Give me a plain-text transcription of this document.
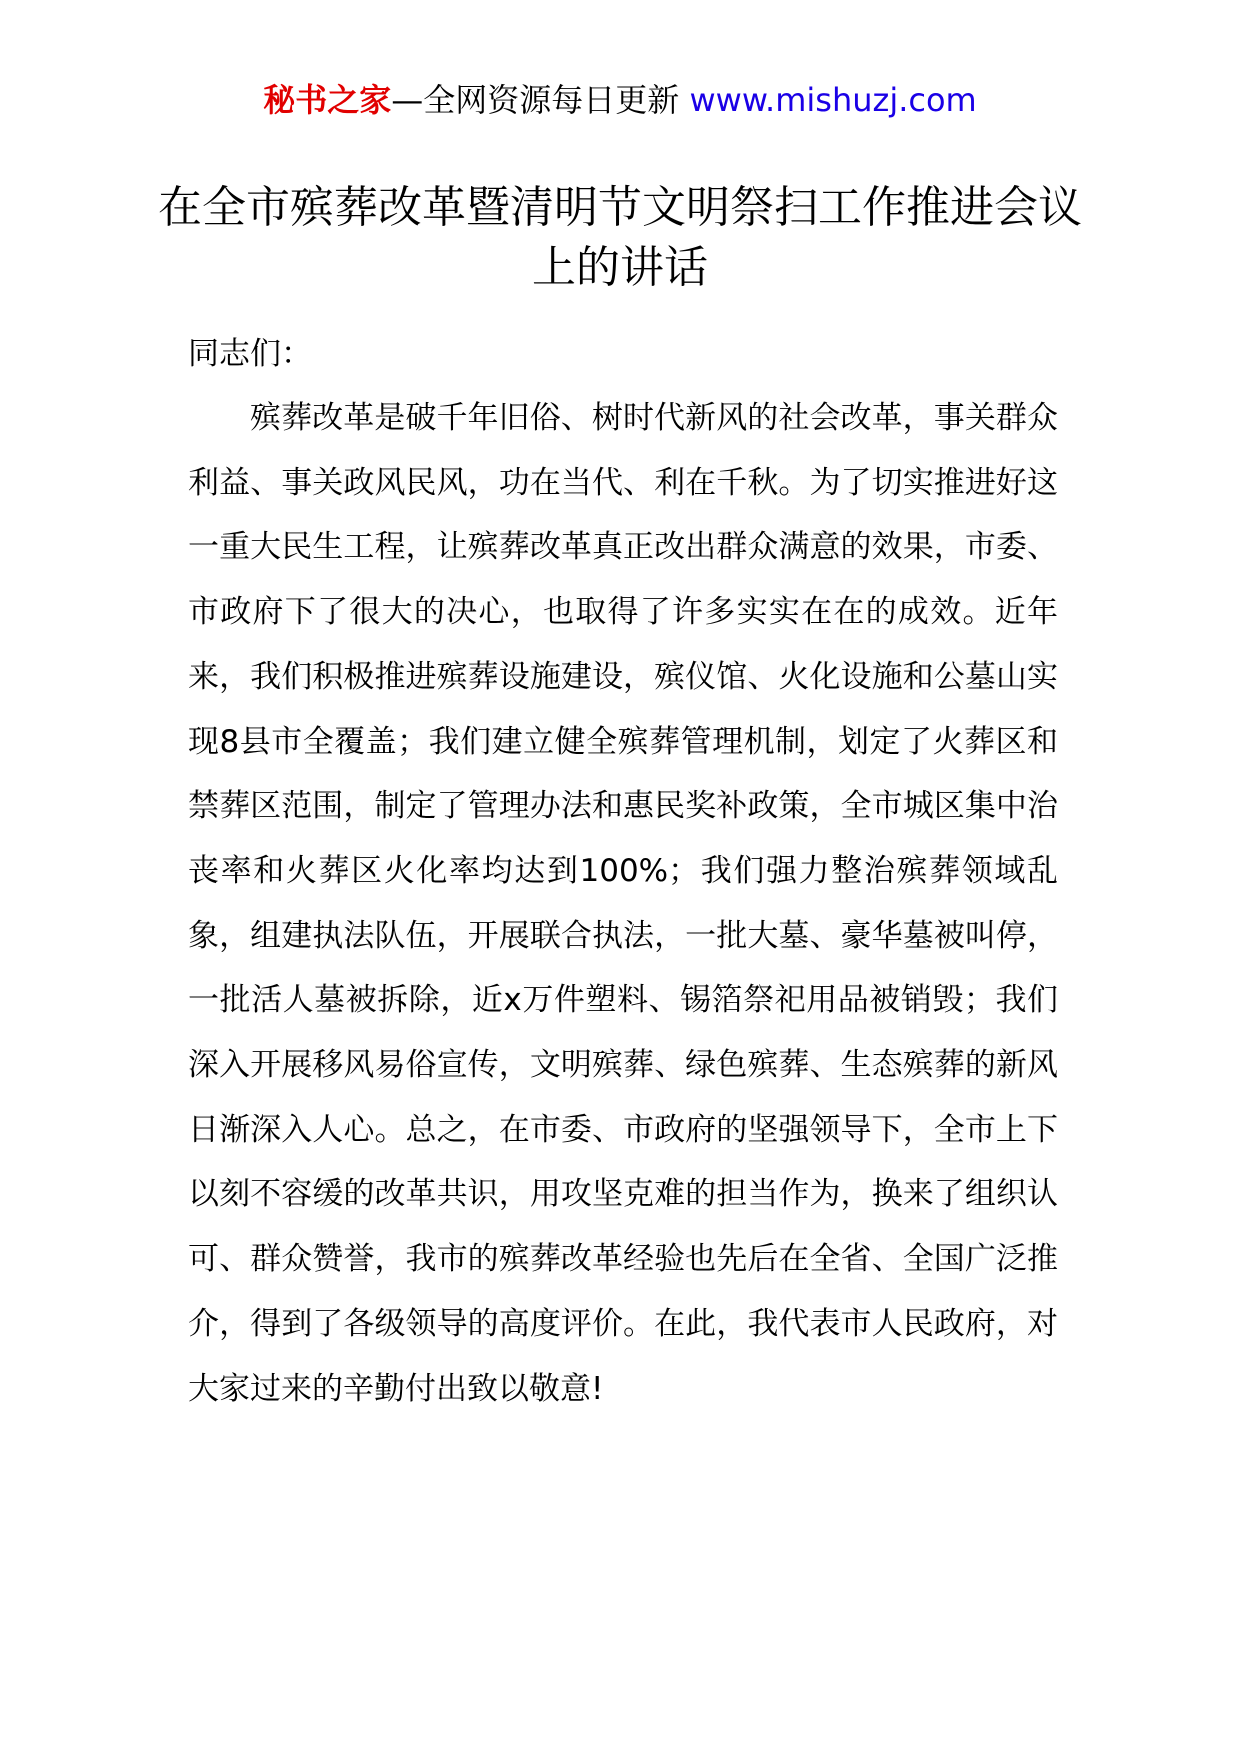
秘书之家—全网资源每日更新 www.mishuzj.com
在全市殡葬改革暨清明节文明祭扫工作推进会议上的讲话

同志们：

殡葬改革是破千年旧俗、树时代新风的社会改革，事关群众利益、事关政风民风，功在当代、利在千秋。为了切实推进好这一重大民生工程，让殡葬改革真正改出群众满意的效果，市委、市政府下了很大的决心，也取得了许多实实在在的成效。近年来，我们积极推进殡葬设施建设，殡仪馆、火化设施和公墓山实现8县市全覆盖；我们建立健全殡葬管理机制，划定了火葬区和禁葬区范围，制定了管理办法和惠民奖补政策，全市城区集中治丧率和火葬区火化率均达到100%；我们强力整治殡葬领域乱象，组建执法队伍，开展联合执法，一批大墓、豪华墓被叫停，一批活人墓被拆除，近x万件塑料、锡箔祭祀用品被销毁；我们深入开展移风易俗宣传，文明殡葬、绿色殡葬、生态殡葬的新风日渐深入人心。总之，在市委、市政府的坚强领导下，全市上下以刻不容缓的改革共识，用攻坚克难的担当作为，换来了组织认可、群众赞誉，我市的殡葬改革经验也先后在全省、全国广泛推介，得到了各级领导的高度评价。在此，我代表市人民政府，对大家过来的辛勤付出致以敬意!
